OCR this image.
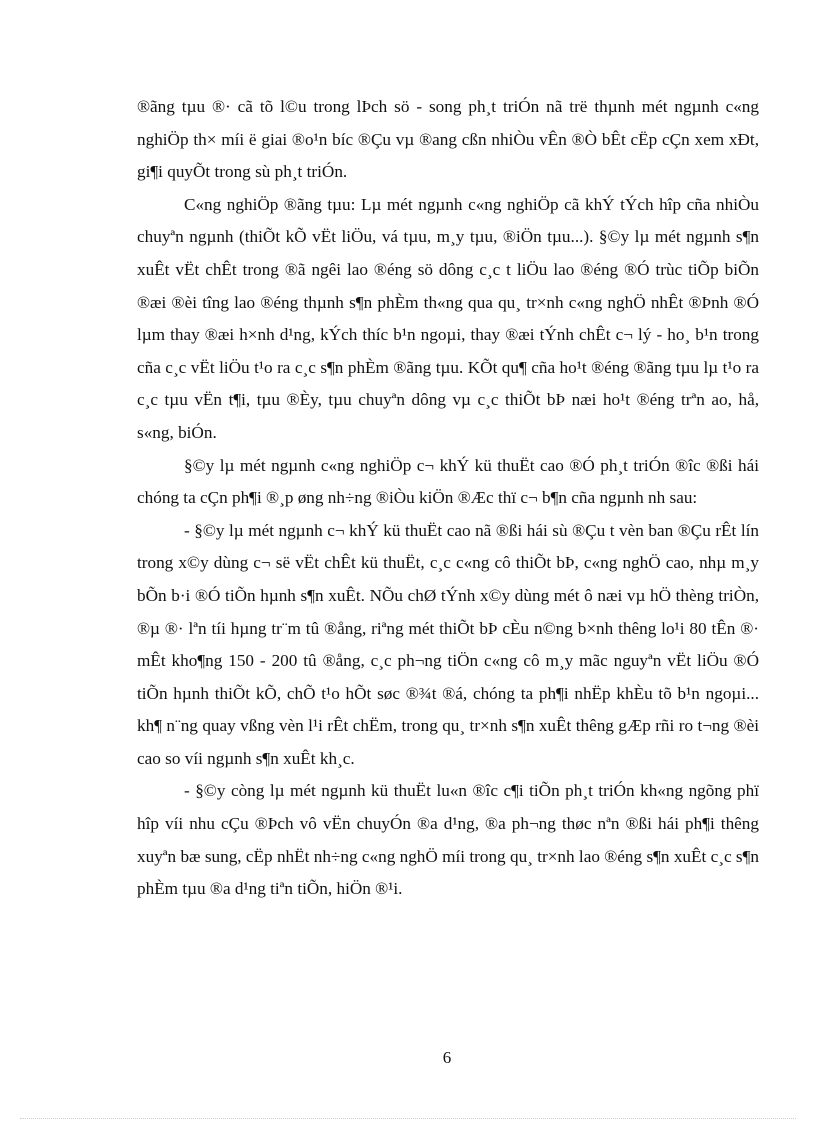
®ãng tµu ®· cã tõ l©u trong lÞch sö - song ph¸t triÓn nã trë thµnh mét ngµnh c«ng nghiÖp th× míi ë giai ®o¹n bíc ®Çu vµ ®ang cßn nhiÒu vÊn ®Ò bÊt cËp cÇn xem xÐt, gi¶i quyÕt trong sù ph¸t triÓn.

C«ng nghiÖp ®ãng tµu: Lµ mét ngµnh c«ng nghiÖp cã khÝ tÝch hîp cña nhiÒu chuyªn ngµnh (thiÕt kÕ vËt liÖu, vá tµu, m¸y tµu, ®iÖn tµu...). §©y lµ mét ngµnh s¶n xuÊt vËt chÊt trong ®ã ngêi lao ®éng sö dông c¸c t liÖu lao ®éng ®Ó trùc tiÕp biÕn ®æi ®èi tîng lao ®éng thµnh s¶n phÈm th«ng qua qu¸ tr×nh c«ng nghÖ nhÊt ®Þnh ®Ó lµm thay ®æi h×nh d¹ng, kÝch thíc b¹n ngoµi, thay ®æi tÝnh chÊt c¬ lý - ho¸ b¹n trong cña c¸c vËt liÖu t¹o ra c¸c s¶n phÈm ®ãng tµu. KÕt qu¶ cña ho¹t ®éng ®ãng tµu lµ t¹o ra c¸c tµu vËn t¶i, tµu ®Èy, tµu chuyªn dông vµ c¸c thiÕt bÞ næi ho¹t ®éng trªn ao, hå, s«ng, biÓn.

§©y lµ mét ngµnh c«ng nghiÖp c¬ khÝ kü thuËt cao ®Ó ph¸t triÓn ®îc ®ßi hái chóng ta cÇn ph¶i ®¸p øng nh÷ng ®iÒu kiÖn ®Æc thï c¬ b¶n cña ngµnh nh sau:

- §©y lµ mét ngµnh c¬ khÝ kü thuËt cao nã ®ßi hái sù ®Çu t vèn ban ®Çu rÊt lín trong x©y dùng c¬ së vËt chÊt kü thuËt, c¸c c«ng cô thiÕt bÞ, c«ng nghÖ cao, nhµ m¸y bÕn b·i ®Ó tiÕn hµnh s¶n xuÊt. NÕu chØ tÝnh x©y dùng mét ô næi vµ hÖ thèng triÒn, ®µ ®· lªn tíi hµng tr¨m tû ®ång, riªng mét thiÕt bÞ cÈu n©ng b×nh thêng lo¹i 80 tÊn ®· mÊt kho¶ng 150 - 200 tû ®ång, c¸c ph¬ng tiÖn c«ng cô m¸y mãc nguyªn vËt liÖu ®Ó tiÕn hµnh thiÕt kÕ, chÕ t¹o hÕt søc ®¾t ®á, chóng ta ph¶i nhËp khÈu tõ b¹n ngoµi... kh¶ n¨ng quay vßng vèn l¹i rÊt chËm, trong qu¸ tr×nh s¶n xuÊt thêng gÆp rñi ro t¬ng ®èi cao so víi ngµnh s¶n xuÊt kh¸c.

- §©y còng lµ mét ngµnh kü thuËt lu«n ®îc c¶i tiÕn ph¸t triÓn kh«ng ngõng phï hîp víi nhu cÇu ®Þch vô vËn chuyÓn ®a d¹ng, ®a ph¬ng thøc nªn ®ßi hái ph¶i thêng xuyªn bæ sung, cËp nhËt nh÷ng c«ng nghÖ míi trong qu¸ tr×nh lao ®éng s¶n xuÊt c¸c s¶n phÈm tµu ®a d¹ng tiªn tiÕn, hiÖn ®¹i.

6
